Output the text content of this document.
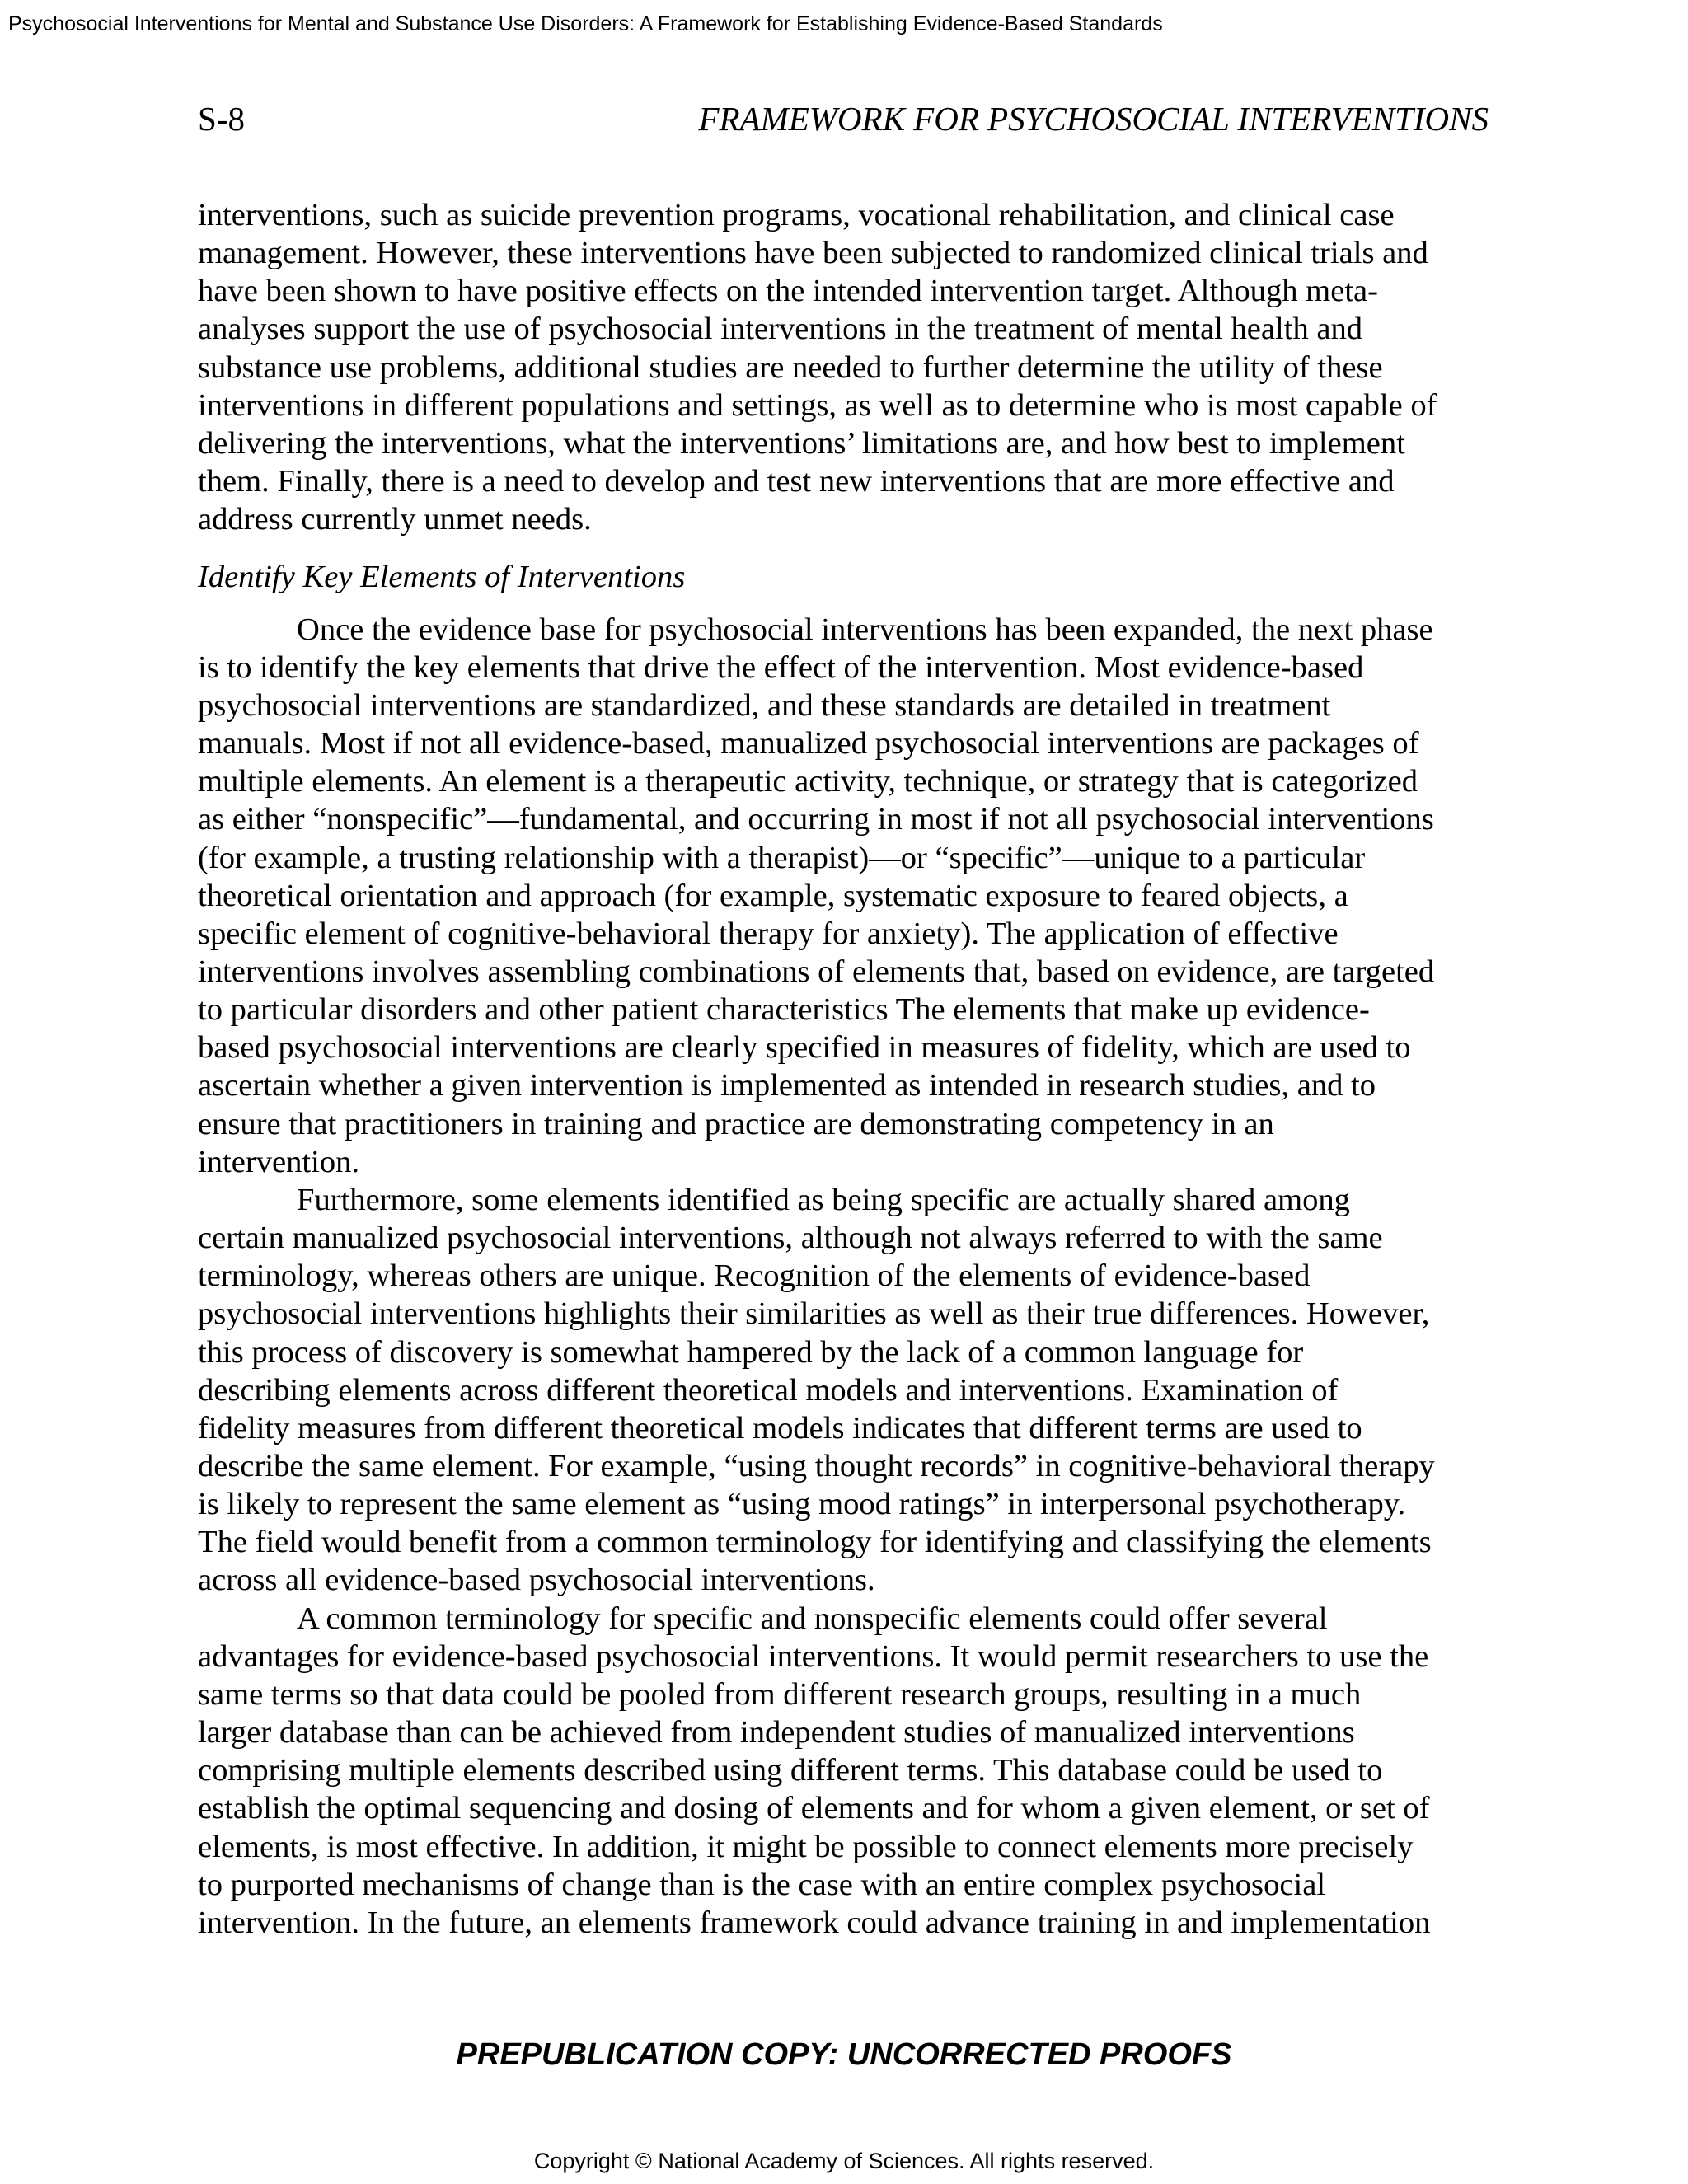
Psychosocial Interventions for Mental and Substance Use Disorders: A Framework for Establishing Evidence-Based Standards
S-8	FRAMEWORK FOR PSYCHOSOCIAL INTERVENTIONS

interventions, such as suicide prevention programs, vocational rehabilitation, and clinical case
management. However, these interventions have been subjected to randomized clinical trials and
have been shown to have positive effects on the intended intervention target. Although meta-
analyses support the use of psychosocial interventions in the treatment of mental health and
substance use problems, additional studies are needed to further determine the utility of these
interventions in different populations and settings, as well as to determine who is most capable of
delivering the interventions, what the interventions’ limitations are, and how best to implement
them. Finally, there is a need to develop and test new interventions that are more effective and
address currently unmet needs.

Identify Key Elements of Interventions

Once the evidence base for psychosocial interventions has been expanded, the next phase
is to identify the key elements that drive the effect of the intervention. Most evidence-based
psychosocial interventions are standardized, and these standards are detailed in treatment
manuals. Most if not all evidence-based, manualized psychosocial interventions are packages of
multiple elements. An element is a therapeutic activity, technique, or strategy that is categorized
as either “nonspecific”—fundamental, and occurring in most if not all psychosocial interventions
(for example, a trusting relationship with a therapist)—or “specific”—unique to a particular
theoretical orientation and approach (for example, systematic exposure to feared objects, a
specific element of cognitive-behavioral therapy for anxiety). The application of effective
interventions involves assembling combinations of elements that, based on evidence, are targeted
to particular disorders and other patient characteristics The elements that make up evidence-
based psychosocial interventions are clearly specified in measures of fidelity, which are used to
ascertain whether a given intervention is implemented as intended in research studies, and to
ensure that practitioners in training and practice are demonstrating competency in an
intervention.

Furthermore, some elements identified as being specific are actually shared among
certain manualized psychosocial interventions, although not always referred to with the same
terminology, whereas others are unique. Recognition of the elements of evidence-based
psychosocial interventions highlights their similarities as well as their true differences. However,
this process of discovery is somewhat hampered by the lack of a common language for
describing elements across different theoretical models and interventions. Examination of
fidelity measures from different theoretical models indicates that different terms are used to
describe the same element. For example, “using thought records” in cognitive-behavioral therapy
is likely to represent the same element as “using mood ratings” in interpersonal psychotherapy.
The field would benefit from a common terminology for identifying and classifying the elements
across all evidence-based psychosocial interventions.

A common terminology for specific and nonspecific elements could offer several
advantages for evidence-based psychosocial interventions. It would permit researchers to use the
same terms so that data could be pooled from different research groups, resulting in a much
larger database than can be achieved from independent studies of manualized interventions
comprising multiple elements described using different terms. This database could be used to
establish the optimal sequencing and dosing of elements and for whom a given element, or set of
elements, is most effective. In addition, it might be possible to connect elements more precisely
to purported mechanisms of change than is the case with an entire complex psychosocial
intervention. In the future, an elements framework could advance training in and implementation

PREPUBLICATION COPY: UNCORRECTED PROOFS
Copyright © National Academy of Sciences. All rights reserved.
